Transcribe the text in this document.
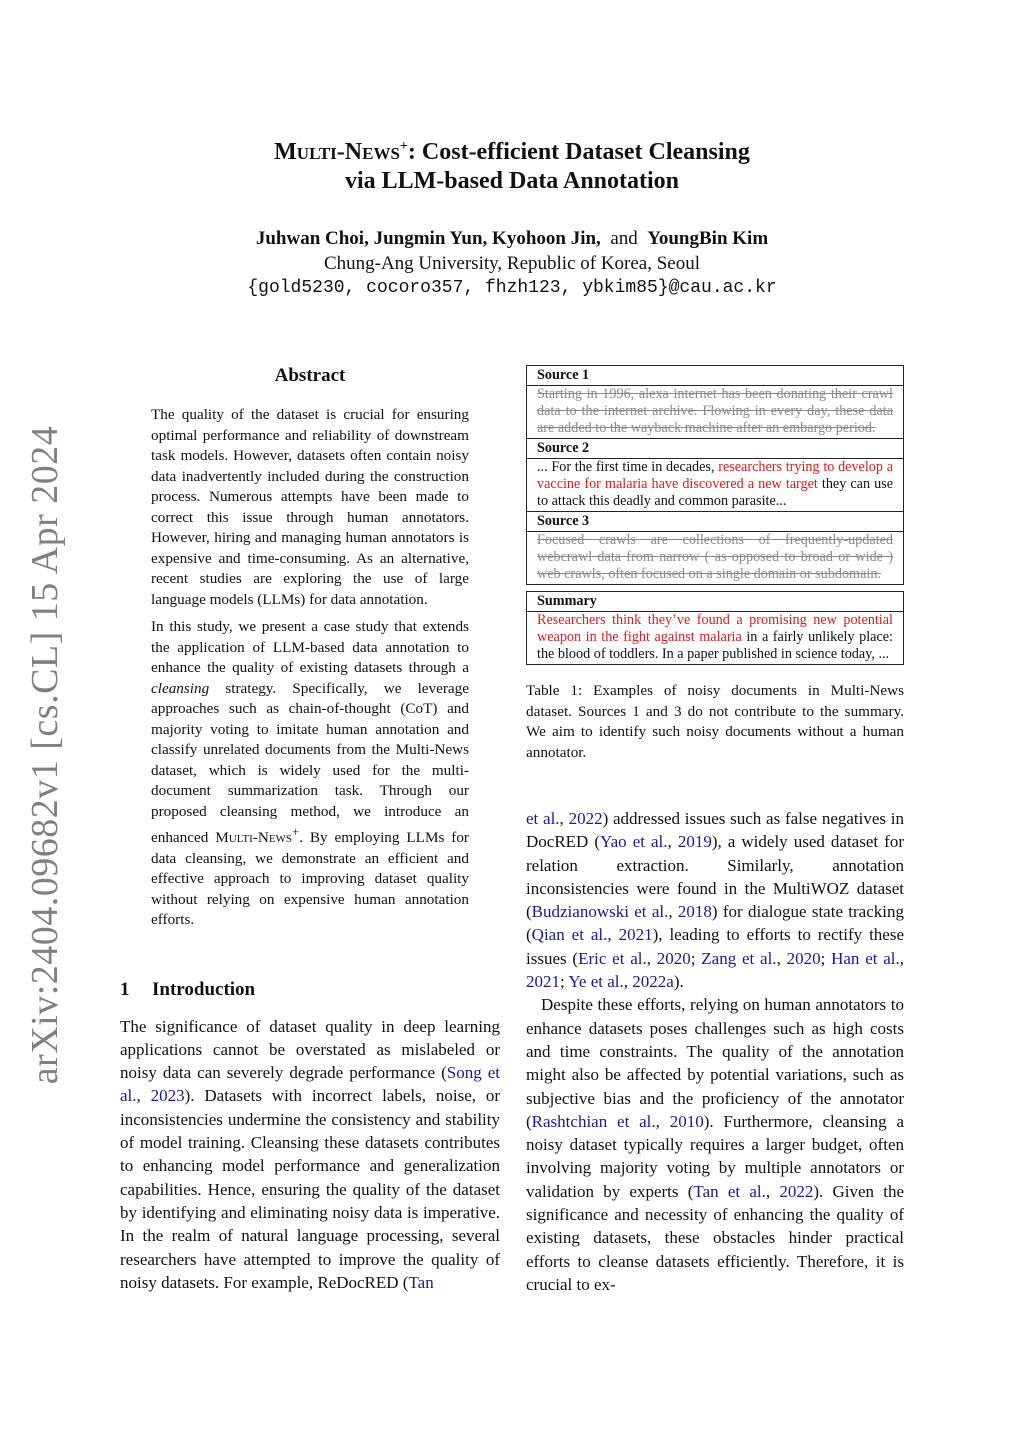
arXiv:2404.09682v1 [cs.CL] 15 Apr 2024
Multi-News+: Cost-efficient Dataset Cleansing
via LLM-based Data Annotation
Juhwan Choi, Jungmin Yun, Kyohoon Jin, and YoungBin Kim
Chung-Ang University, Republic of Korea, Seoul
{gold5230, cocoro357, fhzh123, ybkim85}@cau.ac.kr
Abstract

The quality of the dataset is crucial for ensuring optimal performance and reliability of downstream task models. However, datasets often contain noisy data inadvertently included during the construction process. Numerous attempts have been made to correct this issue through human annotators. However, hiring and managing human annotators is expensive and time-consuming. As an alternative, recent studies are exploring the use of large language models (LLMs) for data annotation.

In this study, we present a case study that extends the application of LLM-based data annotation to enhance the quality of existing datasets through a cleansing strategy. Specifically, we leverage approaches such as chain-of-thought (CoT) and majority voting to imitate human annotation and classify unrelated documents from the Multi-News dataset, which is widely used for the multi-document summarization task. Through our proposed cleansing method, we introduce an enhanced Multi-News+. By employing LLMs for data cleansing, we demonstrate an efficient and effective approach to improving dataset quality without relying on expensive human annotation efforts.

1 Introduction

The significance of dataset quality in deep learning applications cannot be overstated as mislabeled or noisy data can severely degrade performance (Song et al., 2023). Datasets with incorrect labels, noise, or inconsistencies undermine the consistency and stability of model training. Cleansing these datasets contributes to enhancing model performance and generalization capabilities. Hence, ensuring the quality of the dataset by identifying and eliminating noisy data is imperative. In the realm of natural language processing, several researchers have attempted to improve the quality of noisy datasets. For example, ReDocRED (Tan

Source 1
Starting in 1996, alexa internet has been donating their crawl data to the internet archive. Flowing in every day, these data are added to the wayback machine after an embargo period.
Source 2
... For the first time in decades, researchers trying to develop a vaccine for malaria have discovered a new target they can use to attack this deadly and common parasite...
Source 3
Focused crawls are collections of frequently-updated webcrawl data from narrow ( as opposed to broad or wide ) web crawls, often focused on a single domain or subdomain.
Summary
Researchers think they’ve found a promising new potential weapon in the fight against malaria in a fairly unlikely place: the blood of toddlers. In a paper published in science today, ...
Table 1: Examples of noisy documents in Multi-News dataset. Sources 1 and 3 do not contribute to the summary. We aim to identify such noisy documents without a human annotator.

et al., 2022) addressed issues such as false negatives in DocRED (Yao et al., 2019), a widely used dataset for relation extraction. Similarly, annotation inconsistencies were found in the MultiWOZ dataset (Budzianowski et al., 2018) for dialogue state tracking (Qian et al., 2021), leading to efforts to rectify these issues (Eric et al., 2020; Zang et al., 2020; Han et al., 2021; Ye et al., 2022a).

Despite these efforts, relying on human annotators to enhance datasets poses challenges such as high costs and time constraints. The quality of the annotation might also be affected by potential variations, such as subjective bias and the proficiency of the annotator (Rashtchian et al., 2010). Furthermore, cleansing a noisy dataset typically requires a larger budget, often involving majority voting by multiple annotators or validation by experts (Tan et al., 2022). Given the significance and necessity of enhancing the quality of existing datasets, these obstacles hinder practical efforts to cleanse datasets efficiently. Therefore, it is crucial to ex-
